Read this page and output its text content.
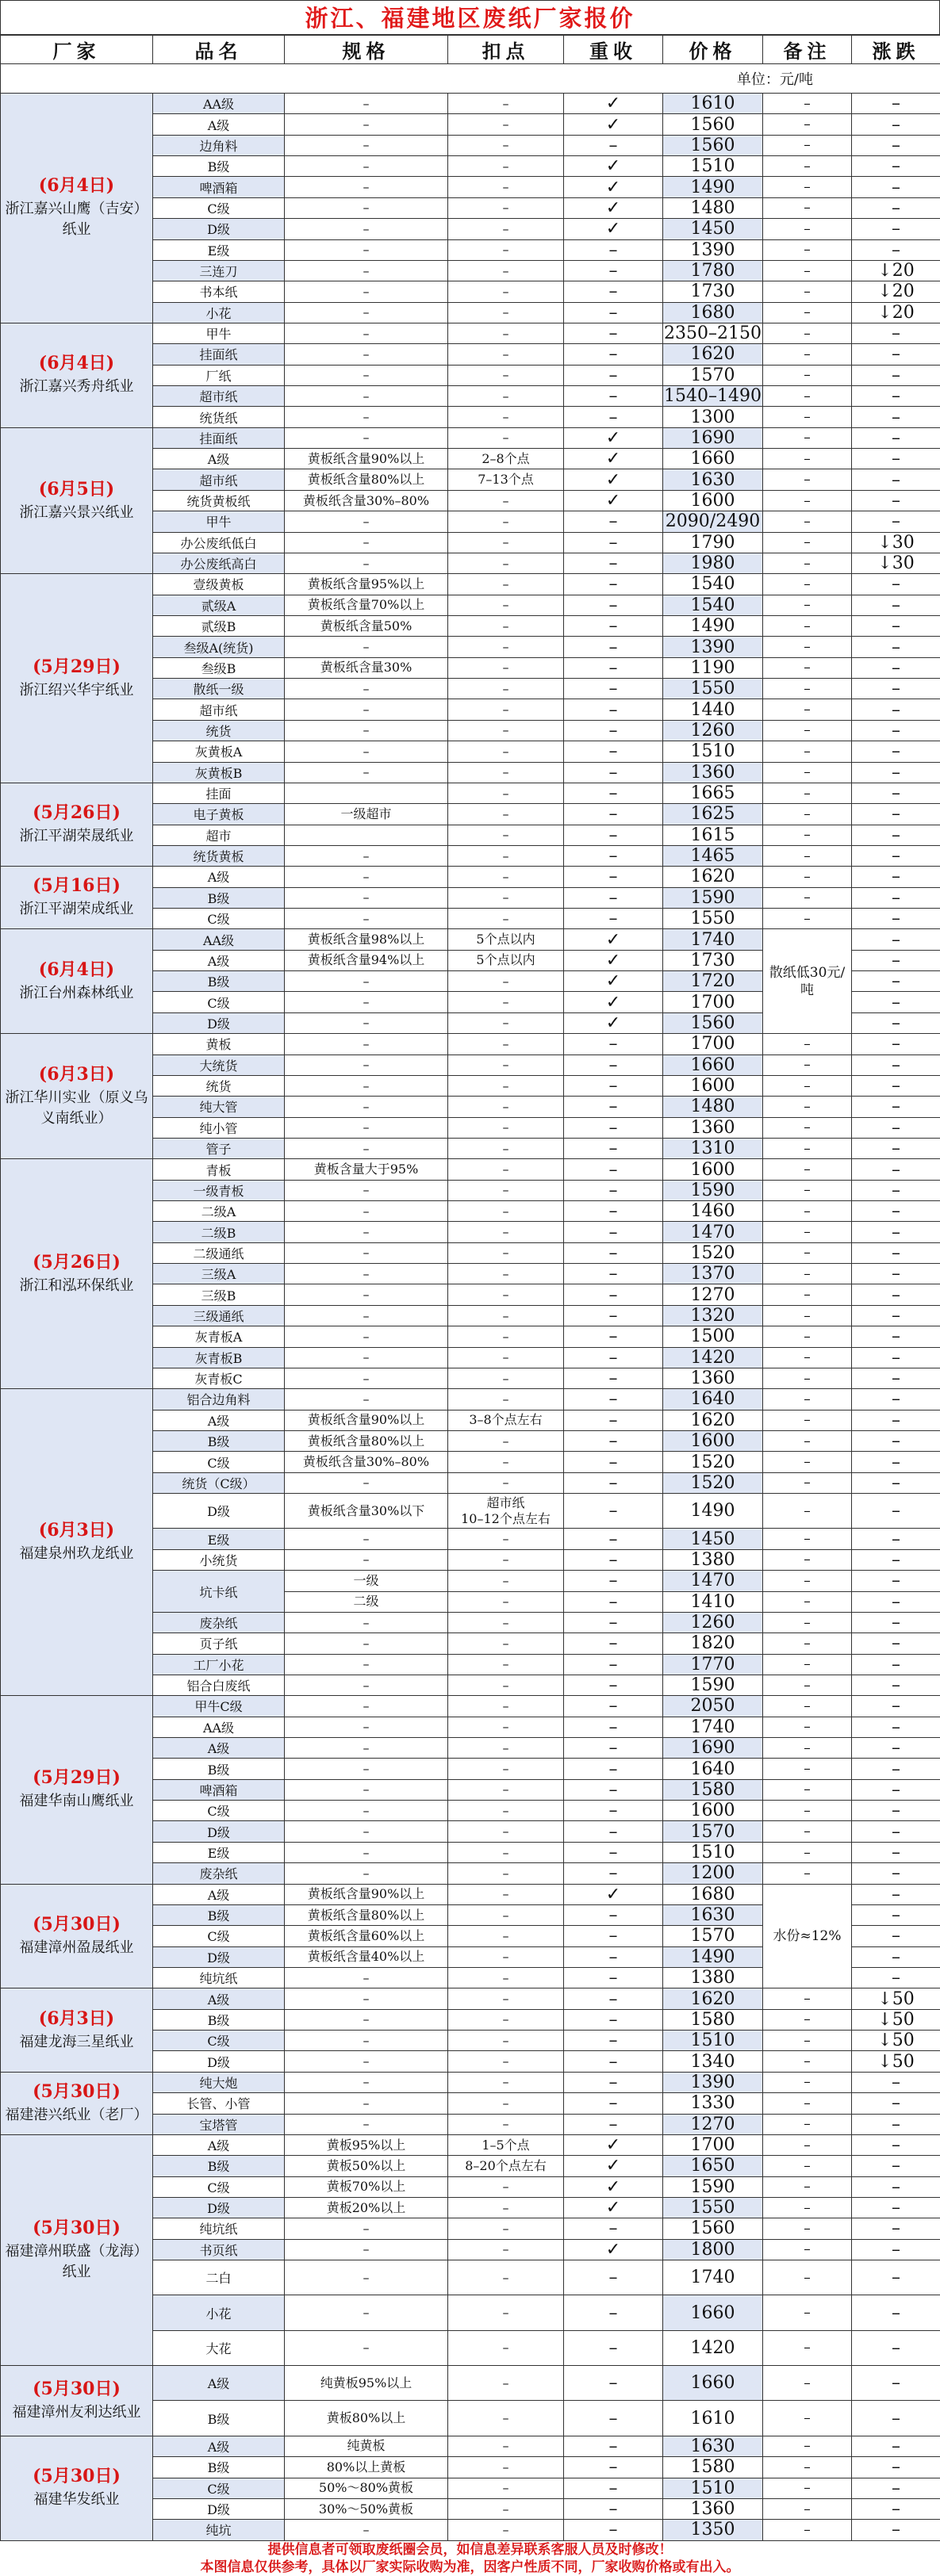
浙江、福建地区废纸厂家报价
厂家	品名	规格	扣点	重收	价格	备注	涨跌
单位：元/吨							

(6月4日)
浙江嘉兴山鹰（吉安）纸业	AA级	–	–	✓	1610	–	–
	A级	–	–	✓	1560	–	–
	边角料	–	–	–	1560	–	–
	B级	–	–	✓	1510	–	–
	啤酒箱	–	–	✓	1490	–	–
	C级	–	–	✓	1480	–	–
	D级	–	–	✓	1450	–	–
	E级	–	–	–	1390	–	–
	三连刀	–	–	–	1780	–	↓20
	书本纸	–	–	–	1730	–	↓20
	小花	–	–	–	1680	–	↓20

(6月4日)
浙江嘉兴秀舟纸业	甲牛	–	–	–	2350–2150	–	–
	挂面纸	–	–	–	1620	–	–
	厂纸	–	–	–	1570	–	–
	超市纸	–	–	–	1540–1490	–	–
	统货纸	–	–	–	1300	–	–

(6月5日)
浙江嘉兴景兴纸业	挂面纸	–	–	✓	1690	–	–
	A级	黄板纸含量90%以上	2–8个点	✓	1660	–	–
	超市纸	黄板纸含量80%以上	7–13个点	✓	1630	–	–
	统货黄板纸	黄板纸含量30%–80%	–	✓	1600	–	–
	甲牛	–	–	–	2090/2490	–	–
	办公废纸低白	–	–	–	1790	–	↓30
	办公废纸高白	–	–	–	1980	–	↓30

(5月29日)
浙江绍兴华宇纸业	壹级黄板	黄板纸含量95%以上	–	–	1540	–	–
	贰级A	黄板纸含量70%以上	–	–	1540	–	–
	贰级B	黄板纸含量50%	–	–	1490	–	–
	叁级A(统货)	–	–	–	1390	–	–
	叁级B	黄板纸含量30%	–	–	1190	–	–
	散纸一级	–	–	–	1550	–	–
	超市纸	–	–	–	1440	–	–
	统货	–	–	–	1260	–	–
	灰黄板A	–	–	–	1510	–	–
	灰黄板B	–	–	–	1360	–	–

(5月26日)
浙江平湖荣晟纸业	挂面		–	–	1665	–	–
	电子黄板	一级超市	–	–	1625	–	–
	超市		–	–	1615	–	–
	统货黄板	–	–	–	1465	–	–

(5月16日)
浙江平湖荣成纸业	A级	–	–	–	1620	–	–
	B级	–	–	–	1590	–	–
	C级	–	–	–	1550	–	–

(6月4日)
浙江台州森林纸业	AA级	黄板纸含量98%以上	5个点以内	✓	1740	散纸低30元/吨	–
	A级	黄板纸含量94%以上	5个点以内	✓	1730		–
	B级	–	–	✓	1720		–
	C级	–	–	✓	1700		–
	D级	–	–	✓	1560		–

(6月3日)
浙江华川实业（原义乌义南纸业）	黄板	–	–	–	1700	–	–
	大统货	–	–	–	1660	–	–
	统货	–	–	–	1600	–	–
	纯大管	–	–	–	1480	–	–
	纯小管	–	–	–	1360	–	–
	管子	–	–	–	1310	–	–

(5月26日)
浙江和泓环保纸业	青板	黄板含量大于95%	–	–	1600	–	–
	一级青板	–	–	–	1590	–	–
	二级A	–	–	–	1460	–	–
	二级B	–	–	–	1470	–	–
	二级通纸	–	–	–	1520	–	–
	三级A	–	–	–	1370	–	–
	三级B	–	–	–	1270	–	–
	三级通纸	–	–	–	1320	–	–
	灰青板A	–	–	–	1500	–	–
	灰青板B	–	–	–	1420	–	–
	灰青板C	–	–	–	1360	–	–

(6月3日)
福建泉州玖龙纸业	铝合边角料	–	–	–	1640	–	–
	A级	黄板纸含量90%以上	3–8个点左右	–	1620	–	–
	B级	黄板纸含量80%以上	–	–	1600	–	–
	C级	黄板纸含量30%–80%	–	–	1520	–	–
	统货（C级）	–	–	–	1520	–	–
	D级	黄板纸含量30%以下	超市纸
10–12个点左右	–	1490	–	–
	E级	–	–	–	1450	–	–
	小统货	–	–	–	1380	–	–
	坑卡纸	一级	–	–	1470	–	–
		二级	–	–	1410	–	–
	废杂纸	–	–	–	1260	–	–
	页子纸	–	–	–	1820	–	–
	工厂小花	–	–	–	1770	–	–
	铝合白废纸	–	–	–	1590	–	–

(5月29日)
福建华南山鹰纸业	甲牛C级	–	–	–	2050	–	–
	AA级	–	–	–	1740	–	–
	A级	–	–	–	1690	–	–
	B级	–	–	–	1640	–	–
	啤酒箱	–	–	–	1580	–	–
	C级	–	–	–	1600	–	–
	D级	–	–	–	1570	–	–
	E级	–	–	–	1510	–	–
	废杂纸	–	–	–	1200	–	–

(5月30日)
福建漳州盈晟纸业	A级	黄板纸含量90%以上	–	✓	1680	水份≈12%	–
	B级	黄板纸含量80%以上	–	–	1630		–
	C级	黄板纸含量60%以上	–	–	1570		–
	D级	黄板纸含量40%以上	–	–	1490		–
	纯坑纸	–	–	–	1380		–

(6月3日)
福建龙海三星纸业	A级	–	–	–	1620	–	↓50
	B级	–	–	–	1580	–	↓50
	C级	–	–	–	1510	–	↓50
	D级	–	–	–	1340	–	↓50

(5月30日)
福建港兴纸业（老厂）	纯大炮	–	–	–	1390	–	–
	长管、小管	–	–	–	1330	–	–
	宝塔管	–	–	–	1270	–	–

(5月30日)
福建漳州联盛（龙海）纸业	A级	黄板95%以上	1–5个点	✓	1700	–	–
	B级	黄板50%以上	8–20个点左右	✓	1650	–	–
	C级	黄板70%以上	–	✓	1590	–	–
	D级	黄板20%以上	–	✓	1550	–	–
	纯坑纸	–	–	–	1560	–	–
	书页纸	–	–	✓	1800	–	–
	二白	–	–	–	1740	–	–
	小花	–	–	–	1660	–	–
	大花	–	–	–	1420	–	–

(5月30日)
福建漳州友利达纸业	A级	纯黄板95%以上	–	–	1660	–	–
	B级	黄板80%以上	–	–	1610	–	–

(5月30日)
福建华发纸业	A级	纯黄板	–	–	1630	–	–
	B级	80%以上黄板	–	–	1580	–	–
	C级	50%～80%黄板	–	–	1510	–	–
	D级	30%～50%黄板	–	–	1360	–	–
	纯坑	–	–	–	1350	–	–
提供信息者可领取废纸圈会员，如信息差异联系客服人员及时修改！
本图信息仅供参考，具体以厂家实际收购为准，因客户性质不同，厂家收购价格或有出入。
